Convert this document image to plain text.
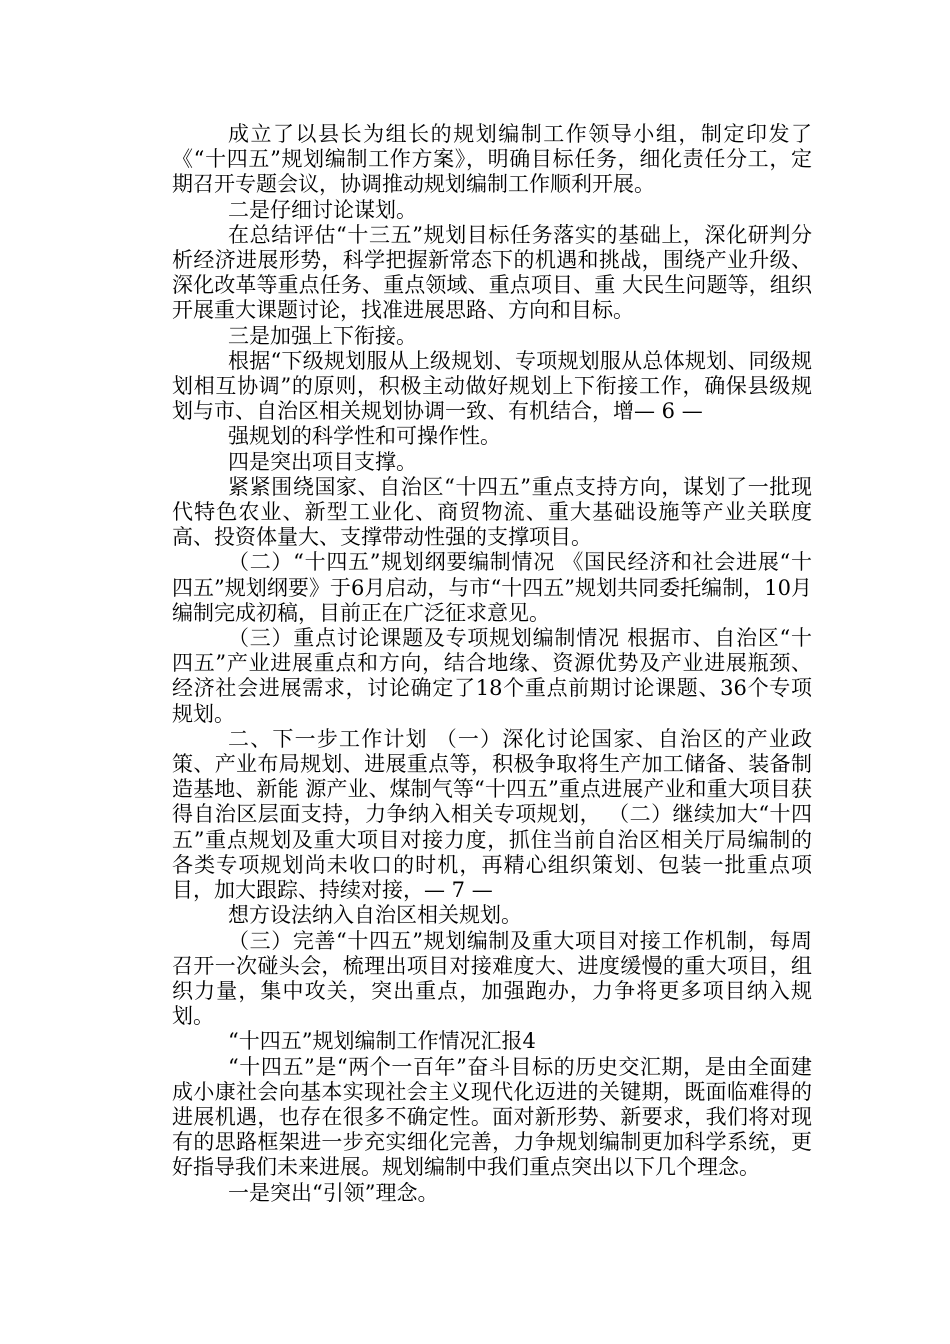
成立了以县长为组长的规划编制工作领导小组，制定印发了《“十四五”规划编制工作方案》，明确目标任务，细化责任分工，定期召开专题会议，协调推动规划编制工作顺利开展。

二是仔细讨论谋划。

在总结评估“十三五”规划目标任务落实的基础上，深化研判分析经济进展形势，科学把握新常态下的机遇和挑战，围绕产业升级、深化改革等重点任务、重点领域、重点项目、重 大民生问题等，组织开展重大课题讨论，找准进展思路、方向和目标。

三是加强上下衔接。

根据“下级规划服从上级规划、专项规划服从总体规划、同级规划相互协调”的原则，积极主动做好规划上下衔接工作，确保县级规划与市、自治区相关规划协调一致、有机结合，增— 6 —

强规划的科学性和可操作性。

四是突出项目支撑。

紧紧围绕国家、自治区“十四五”重点支持方向，谋划了一批现代特色农业、新型工业化、商贸物流、重大基础设施等产业关联度高、投资体量大、支撑带动性强的支撑项目。

（二）“十四五”规划纲要编制情况 《国民经济和社会进展“十四五”规划纲要》于6月启动，与市“十四五”规划共同委托编制，10月编制完成初稿，目前正在广泛征求意见。

（三）重点讨论课题及专项规划编制情况 根据市、自治区“十四五”产业进展重点和方向，结合地缘、资源优势及产业进展瓶颈、经济社会进展需求，讨论确定了18个重点前期讨论课题、36个专项规划。

二、下一步工作计划 （一）深化讨论国家、自治区的产业政策、产业布局规划、进展重点等，积极争取将生产加工储备、装备制造基地、新能 源产业、煤制气等“十四五”重点进展产业和重大项目获得自治区层面支持，力争纳入相关专项规划， （二）继续加大“十四五”重点规划及重大项目对接力度，抓住当前自治区相关厅局编制的各类专项规划尚未收口的时机，再精心组织策划、包装一批重点项目，加大跟踪、持续对接，— 7 —

想方设法纳入自治区相关规划。

（三）完善“十四五”规划编制及重大项目对接工作机制，每周召开一次碰头会，梳理出项目对接难度大、进度缓慢的重大项目，组织力量，集中攻关，突出重点，加强跑办，力争将更多项目纳入规划。

“十四五”规划编制工作情况汇报4

“十四五”是“两个一百年”奋斗目标的历史交汇期，是由全面建成小康社会向基本实现社会主义现代化迈进的关键期，既面临难得的进展机遇，也存在很多不确定性。面对新形势、新要求，我们将对现有的思路框架进一步充实细化完善，力争规划编制更加科学系统，更好指导我们未来进展。规划编制中我们重点突出以下几个理念。

一是突出“引领”理念。
